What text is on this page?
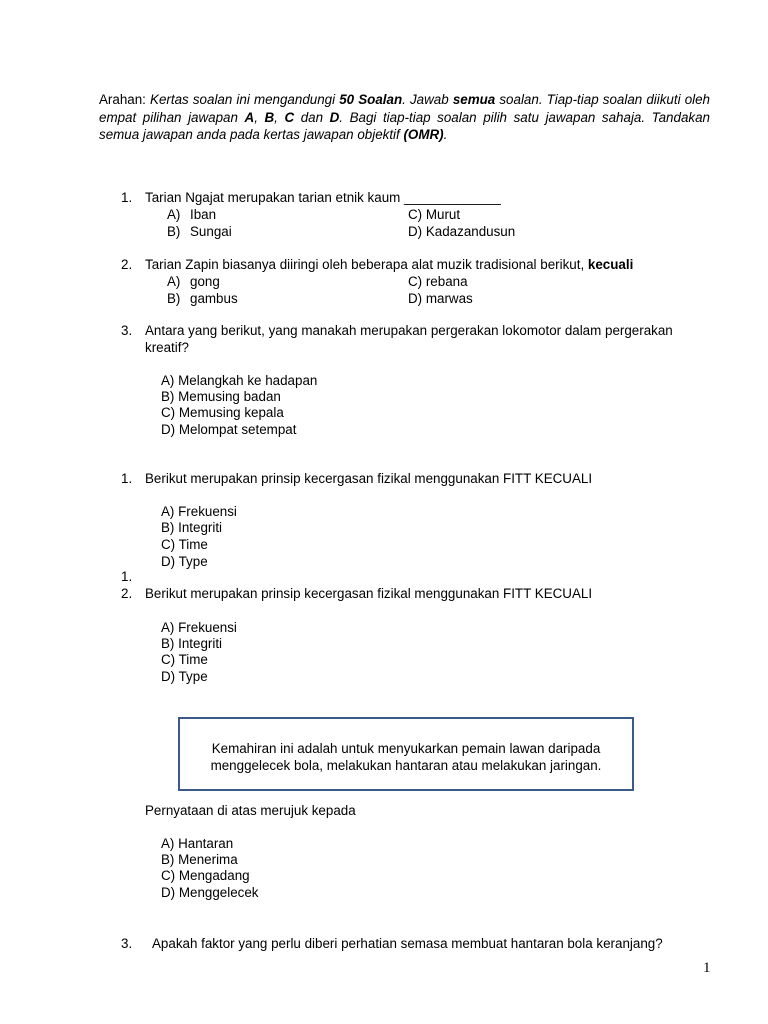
Arahan: Kertas soalan ini mengandungi 50 Soalan. Jawab semua soalan. Tiap-tiap soalan diikuti oleh empat pilihan jawapan A, B, C dan D. Bagi tiap-tiap soalan pilih satu jawapan sahaja. Tandakan semua jawapan anda pada kertas jawapan objektif (OMR).
1. Tarian Ngajat merupakan tarian etnik kaum _____________
A) Iban
B) Sungai
C) Murut
D) Kadazandusun
2. Tarian Zapin biasanya diiringi oleh beberapa alat muzik tradisional berikut, kecuali
A) gong
B) gambus
C) rebana
D) marwas
3. Antara yang berikut, yang manakah merupakan pergerakan lokomotor dalam pergerakan
kreatif?
A) Melangkah ke hadapan
B) Memusing badan
C) Memusing kepala
D) Melompat setempat
1. Berikut merupakan prinsip kecergasan fizikal menggunakan FITT KECUALI
A) Frekuensi
B) Integriti
C) Time
D) Type
1.
2. Berikut merupakan prinsip kecergasan fizikal menggunakan FITT KECUALI
A) Frekuensi
B) Integriti
C) Time
D) Type
Kemahiran ini adalah untuk menyukarkan pemain lawan daripada
menggelecek bola, melakukan hantaran atau melakukan jaringan.
Pernyataan di atas merujuk kepada
A) Hantaran
B) Menerima
C) Mengadang
D) Menggelecek
3. Apakah faktor yang perlu diberi perhatian semasa membuat hantaran bola keranjang?
1
